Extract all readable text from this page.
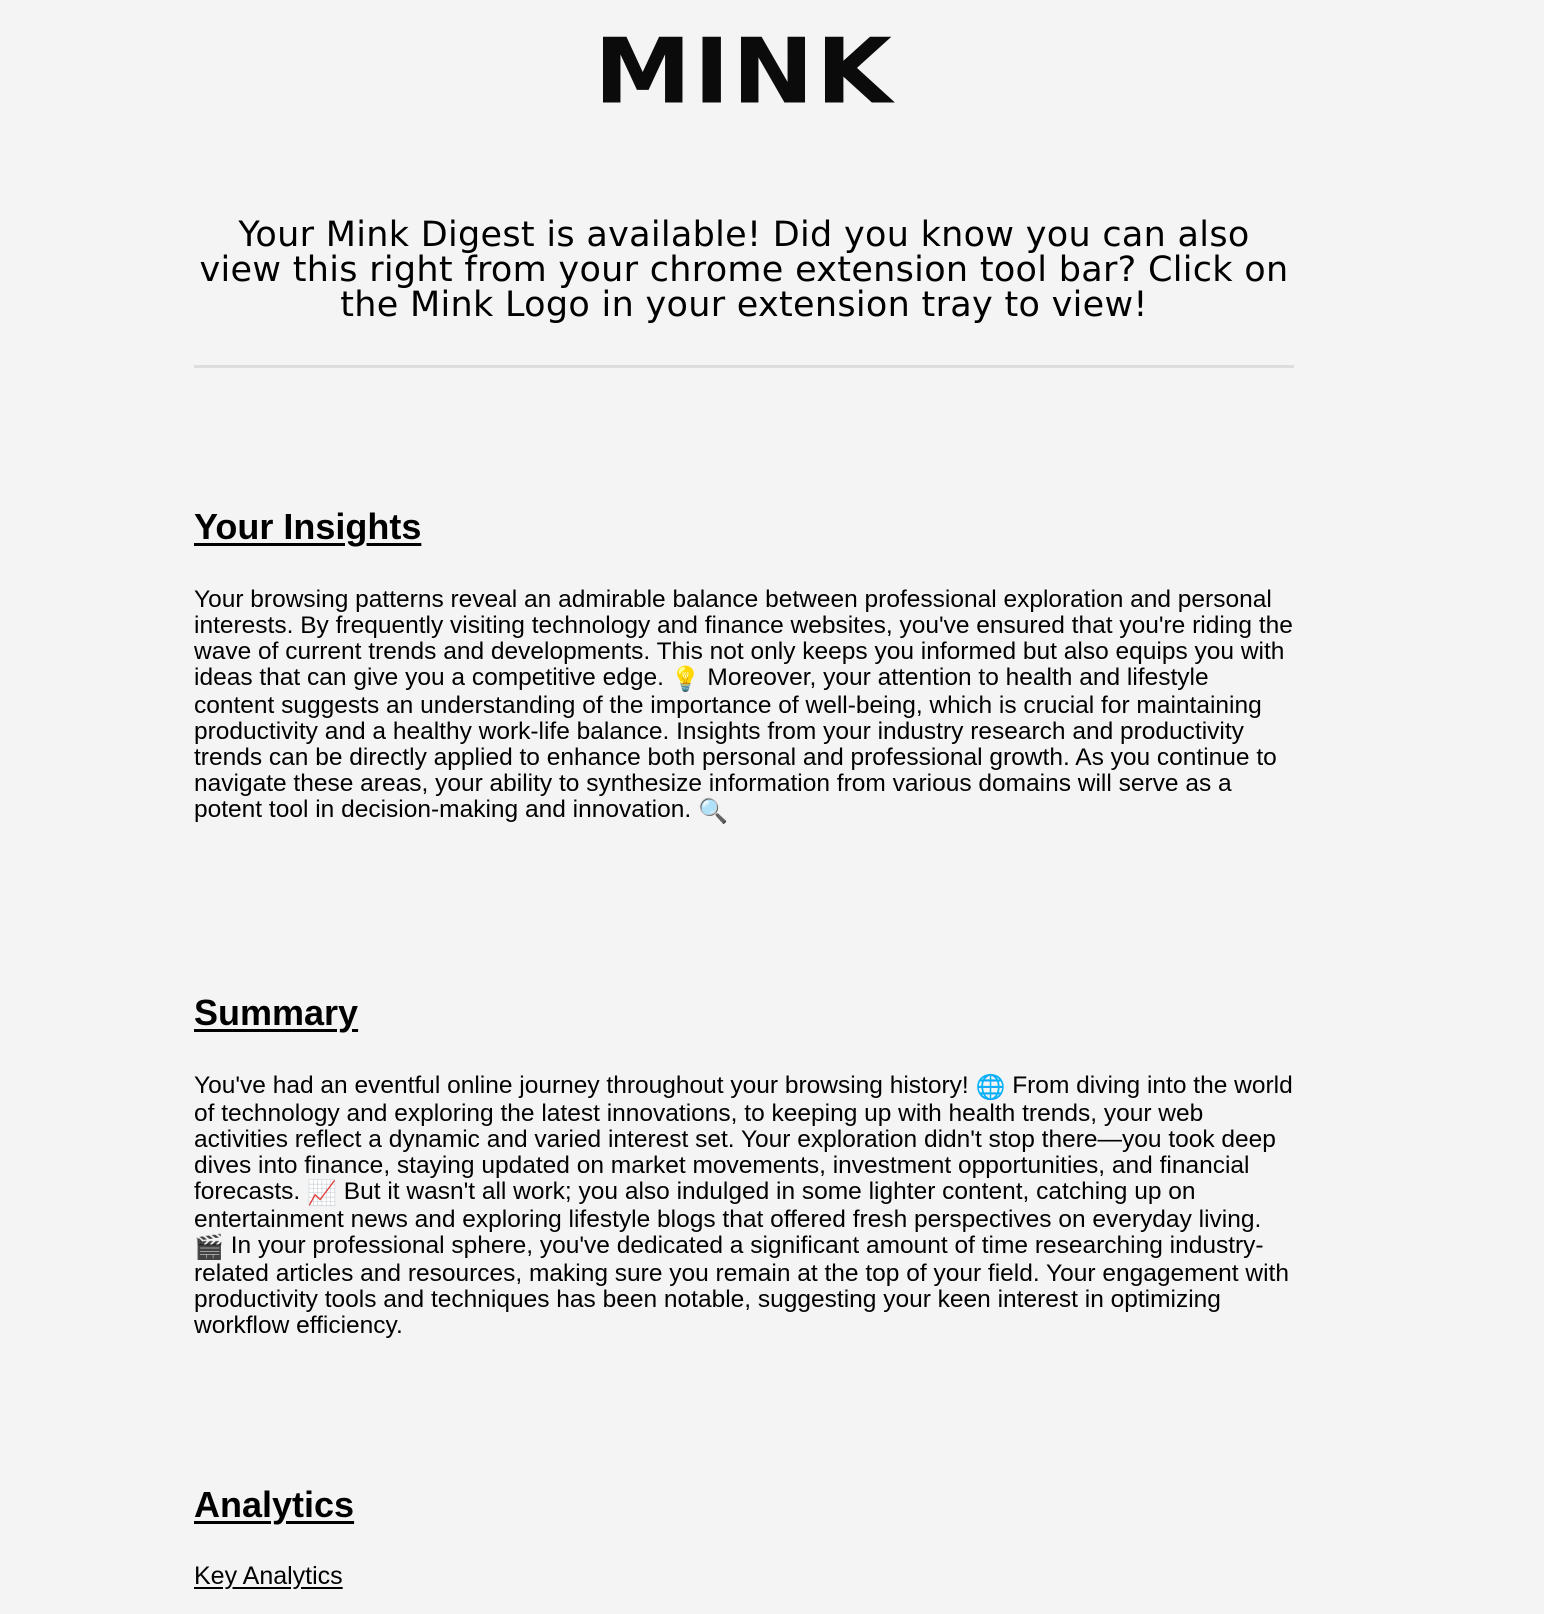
MINK
Your Mink Digest is available! Did you know you can also view this right from your chrome extension tool bar? Click on the Mink Logo in your extension tray to view!
Your Insights

Your browsing patterns reveal an admirable balance between professional exploration and personal interests. By frequently visiting technology and finance websites, you've ensured that you're riding the wave of current trends and developments. This not only keeps you informed but also equips you with ideas that can give you a competitive edge. 💡 Moreover, your attention to health and lifestyle content suggests an understanding of the importance of well-being, which is crucial for maintaining productivity and a healthy work-life balance. Insights from your industry research and productivity trends can be directly applied to enhance both personal and professional growth. As you continue to navigate these areas, your ability to synthesize information from various domains will serve as a potent tool in decision-making and innovation. 🔍

Summary

You've had an eventful online journey throughout your browsing history! 🌐 From diving into the world of technology and exploring the latest innovations, to keeping up with health trends, your web activities reflect a dynamic and varied interest set. Your exploration didn't stop there—you took deep dives into finance, staying updated on market movements, investment opportunities, and financial forecasts. 📈 But it wasn't all work; you also indulged in some lighter content, catching up on entertainment news and exploring lifestyle blogs that offered fresh perspectives on everyday living. 🎬 In your professional sphere, you've dedicated a significant amount of time researching industry-related articles and resources, making sure you remain at the top of your field. Your engagement with productivity tools and techniques has been notable, suggesting your keen interest in optimizing workflow efficiency.

Analytics
Key Analytics
